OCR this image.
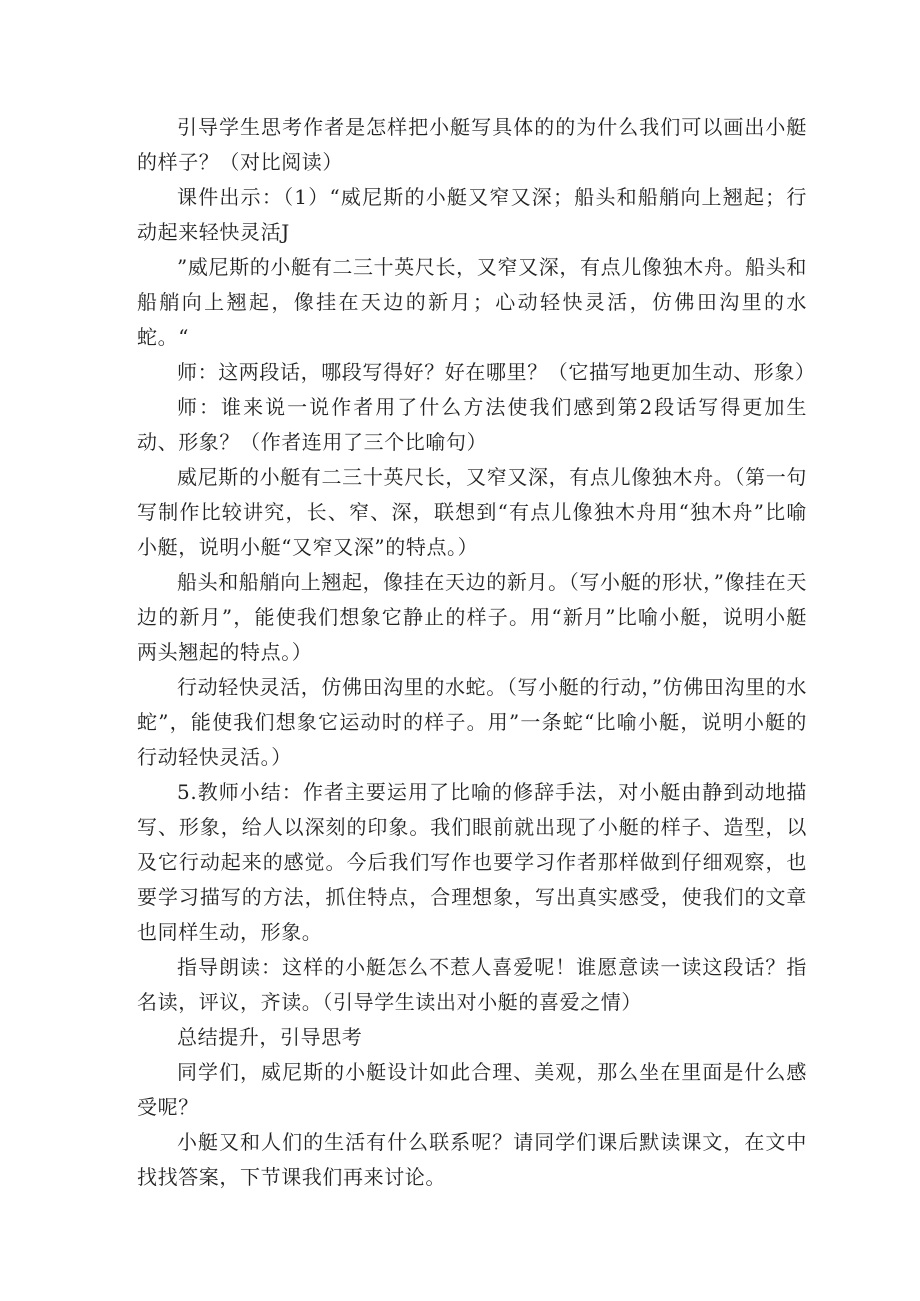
引导学生思考作者是怎样把小艇写具体的的为什么我们可以画出小艇的样子？（对比阅读）

课件出示：（1）“威尼斯的小艇又窄又深；船头和船艄向上翘起；行动起来轻快灵活J

”威尼斯的小艇有二三十英尺长，又窄又深，有点儿像独木舟。船头和船艄向上翘起，像挂在天边的新月；心动轻快灵活，仿佛田沟里的水蛇。“

师：这两段话，哪段写得好？好在哪里？（它描写地更加生动、形象）

师：谁来说一说作者用了什么方法使我们感到第2段话写得更加生动、形象？（作者连用了三个比喻句）

威尼斯的小艇有二三十英尺长，又窄又深，有点儿像独木舟。（第一句写制作比较讲究，长、窄、深，联想到“有点儿像独木舟用“独木舟”比喻小艇，说明小艇“又窄又深”的特点。）

船头和船艄向上翘起，像挂在天边的新月。（写小艇的形状，”像挂在天边的新月”，能使我们想象它静止的样子。用“新月”比喻小艇，说明小艇两头翘起的特点。）

行动轻快灵活，仿佛田沟里的水蛇。（写小艇的行动，”仿佛田沟里的水蛇”，能使我们想象它运动时的样子。用”一条蛇“比喻小艇，说明小艇的行动轻快灵活。）

5.教师小结：作者主要运用了比喻的修辞手法，对小艇由静到动地描写、形象，给人以深刻的印象。我们眼前就出现了小艇的样子、造型，以及它行动起来的感觉。今后我们写作也要学习作者那样做到仔细观察，也要学习描写的方法，抓住特点，合理想象，写出真实感受，使我们的文章也同样生动，形象。

指导朗读：这样的小艇怎么不惹人喜爱呢！谁愿意读一读这段话？指名读，评议，齐读。（引导学生读出对小艇的喜爱之情）

总结提升，引导思考

同学们，威尼斯的小艇设计如此合理、美观，那么坐在里面是什么感受呢？

小艇又和人们的生活有什么联系呢？请同学们课后默读课文，在文中找找答案，下节课我们再来讨论。
